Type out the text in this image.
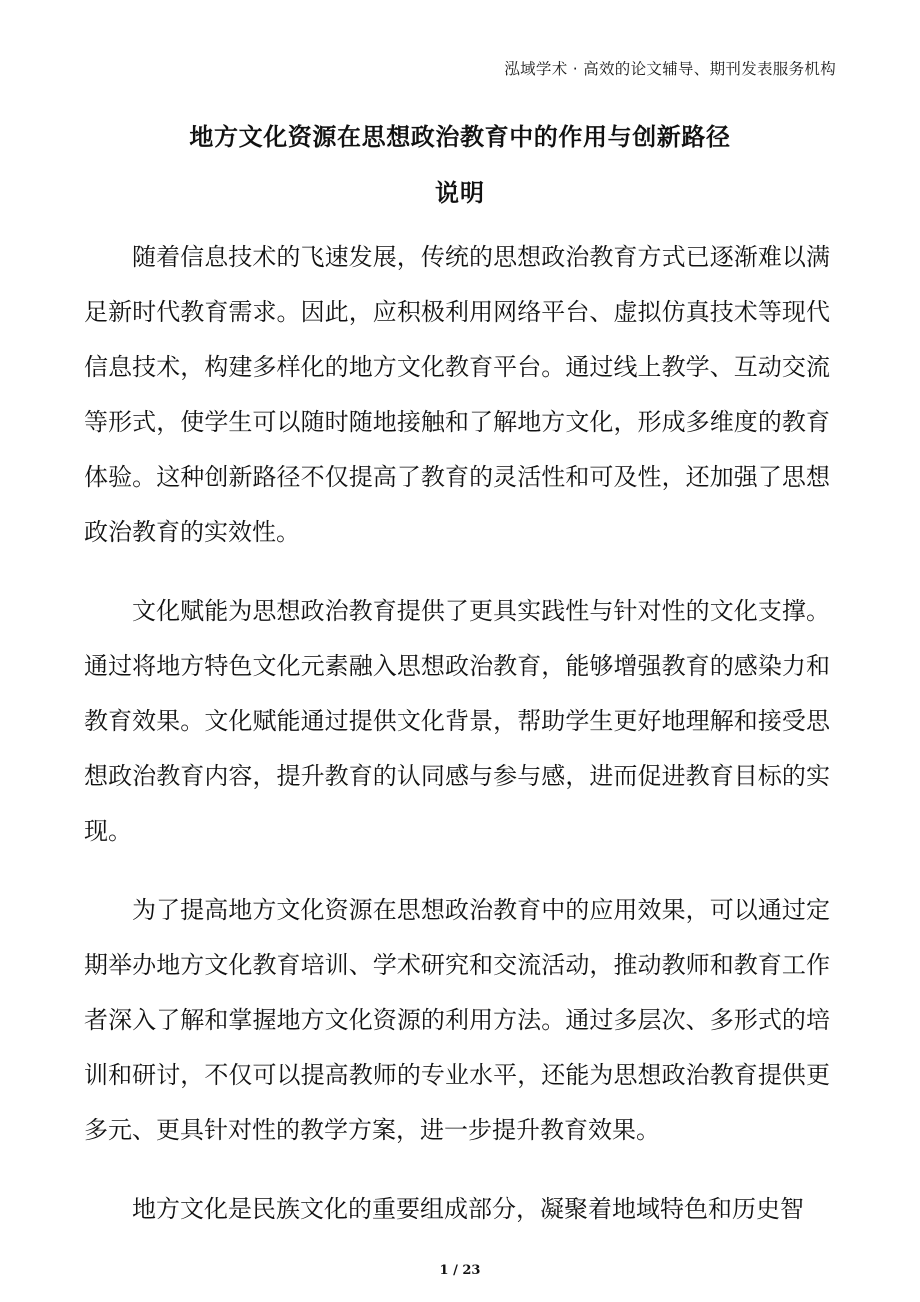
泓域学术 · 高效的论文辅导、期刊发表服务机构
地方文化资源在思想政治教育中的作用与创新路径
说明

随着信息技术的飞速发展，传统的思想政治教育方式已逐渐难以满足新时代教育需求。因此，应积极利用网络平台、虚拟仿真技术等现代信息技术，构建多样化的地方文化教育平台。通过线上教学、互动交流等形式，使学生可以随时随地接触和了解地方文化，形成多维度的教育体验。这种创新路径不仅提高了教育的灵活性和可及性，还加强了思想政治教育的实效性。

文化赋能为思想政治教育提供了更具实践性与针对性的文化支撑。通过将地方特色文化元素融入思想政治教育，能够增强教育的感染力和教育效果。文化赋能通过提供文化背景，帮助学生更好地理解和接受思想政治教育内容，提升教育的认同感与参与感，进而促进教育目标的实现。

为了提高地方文化资源在思想政治教育中的应用效果，可以通过定期举办地方文化教育培训、学术研究和交流活动，推动教师和教育工作者深入了解和掌握地方文化资源的利用方法。通过多层次、多形式的培训和研讨，不仅可以提高教师的专业水平，还能为思想政治教育提供更多元、更具针对性的教学方案，进一步提升教育效果。

地方文化是民族文化的重要组成部分，凝聚着地域特色和历史智

1 / 23
